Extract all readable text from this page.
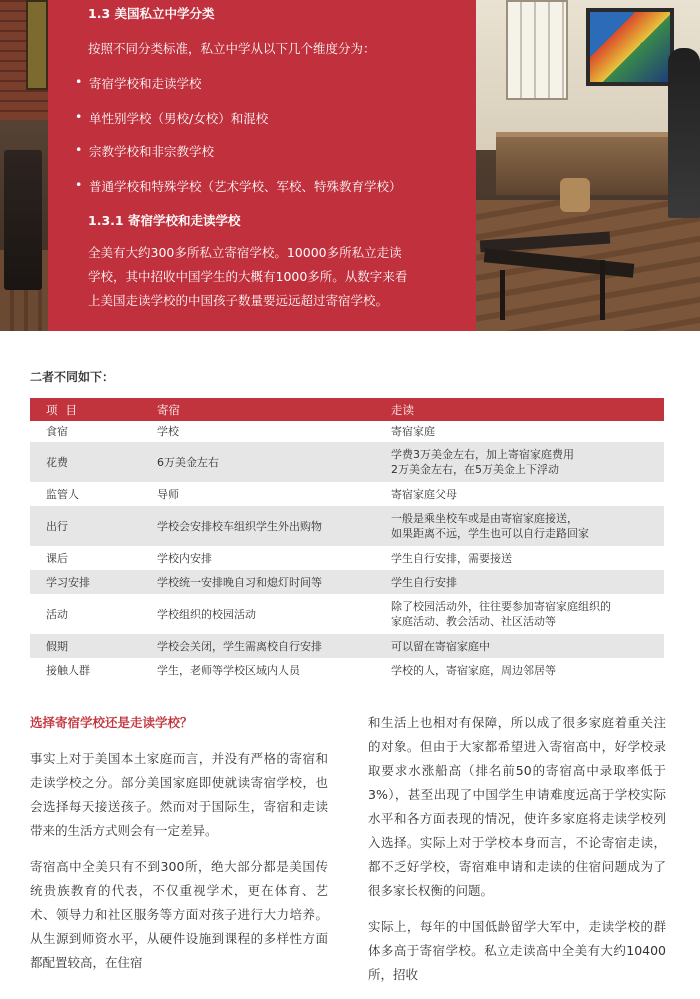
1.3 美国私立中学分类
按照不同分类标准，私立中学从以下几个维度分为：
• 寄宿学校和走读学校
• 单性别学校（男校/女校）和混校
• 宗教学校和非宗教学校
• 普通学校和特殊学校（艺术学校、军校、特殊教育学校）
1.3.1 寄宿学校和走读学校
全美有大约300多所私立寄宿学校。10000多所私立走读
学校，其中招收中国学生的大概有1000多所。从数字来看
上美国走读学校的中国孩子数量要远远超过寄宿学校。
二者不同如下：
项目	寄宿	走读
食宿	学校	寄宿家庭

花费	6万美金左右	学费3万美金左右，加上寄宿家庭费用
2万美金左右，在5万美金上下浮动

监管人	导师	寄宿家庭父母

出行	学校会安排校车组织学生外出购物	一般是乘坐校车或是由寄宿家庭接送，
如果距离不远，学生也可以自行走路回家

课后	学校内安排	学生自行安排，需要接送

学习安排	学校统一安排晚自习和熄灯时间等	学生自行安排

活动	学校组织的校园活动	除了校园活动外，往往要参加寄宿家庭组织的
家庭活动、教会活动、社区活动等

假期	学校会关闭，学生需离校自行安排	可以留在寄宿家庭中

接触人群	学生，老师等学校区域内人员	学校的人，寄宿家庭，周边邻居等
选择寄宿学校还是走读学校？

事实上对于美国本土家庭而言，并没有严格的寄宿和走读学校之分。部分美国家庭即使就读寄宿学校，也会选择每天接送孩子。然而对于国际生，寄宿和走读带来的生活方式则会有一定差异。

寄宿高中全美只有不到300所，绝大部分都是美国传统贵族教育的代表，不仅重视学术，更在体育、艺术、领导力和社区服务等方面对孩子进行大力培养。从生源到师资水平，从硬件设施到课程的多样性方面都配置较高，在住宿

和生活上也相对有保障，所以成了很多家庭着重关注的对象。但由于大家都希望进入寄宿高中，好学校录取要求水涨船高（排名前50的寄宿高中录取率低于3%），甚至出现了中国学生申请难度远高于学校实际水平和各方面表现的情况，使许多家庭将走读学校列入选择。实际上对于学校本身而言，不论寄宿走读，都不乏好学校，寄宿难申请和走读的住宿问题成为了很多家长权衡的问题。

实际上，每年的中国低龄留学大军中，走读学校的群体多高于寄宿学校。私立走读高中全美有大约10400所，招收
